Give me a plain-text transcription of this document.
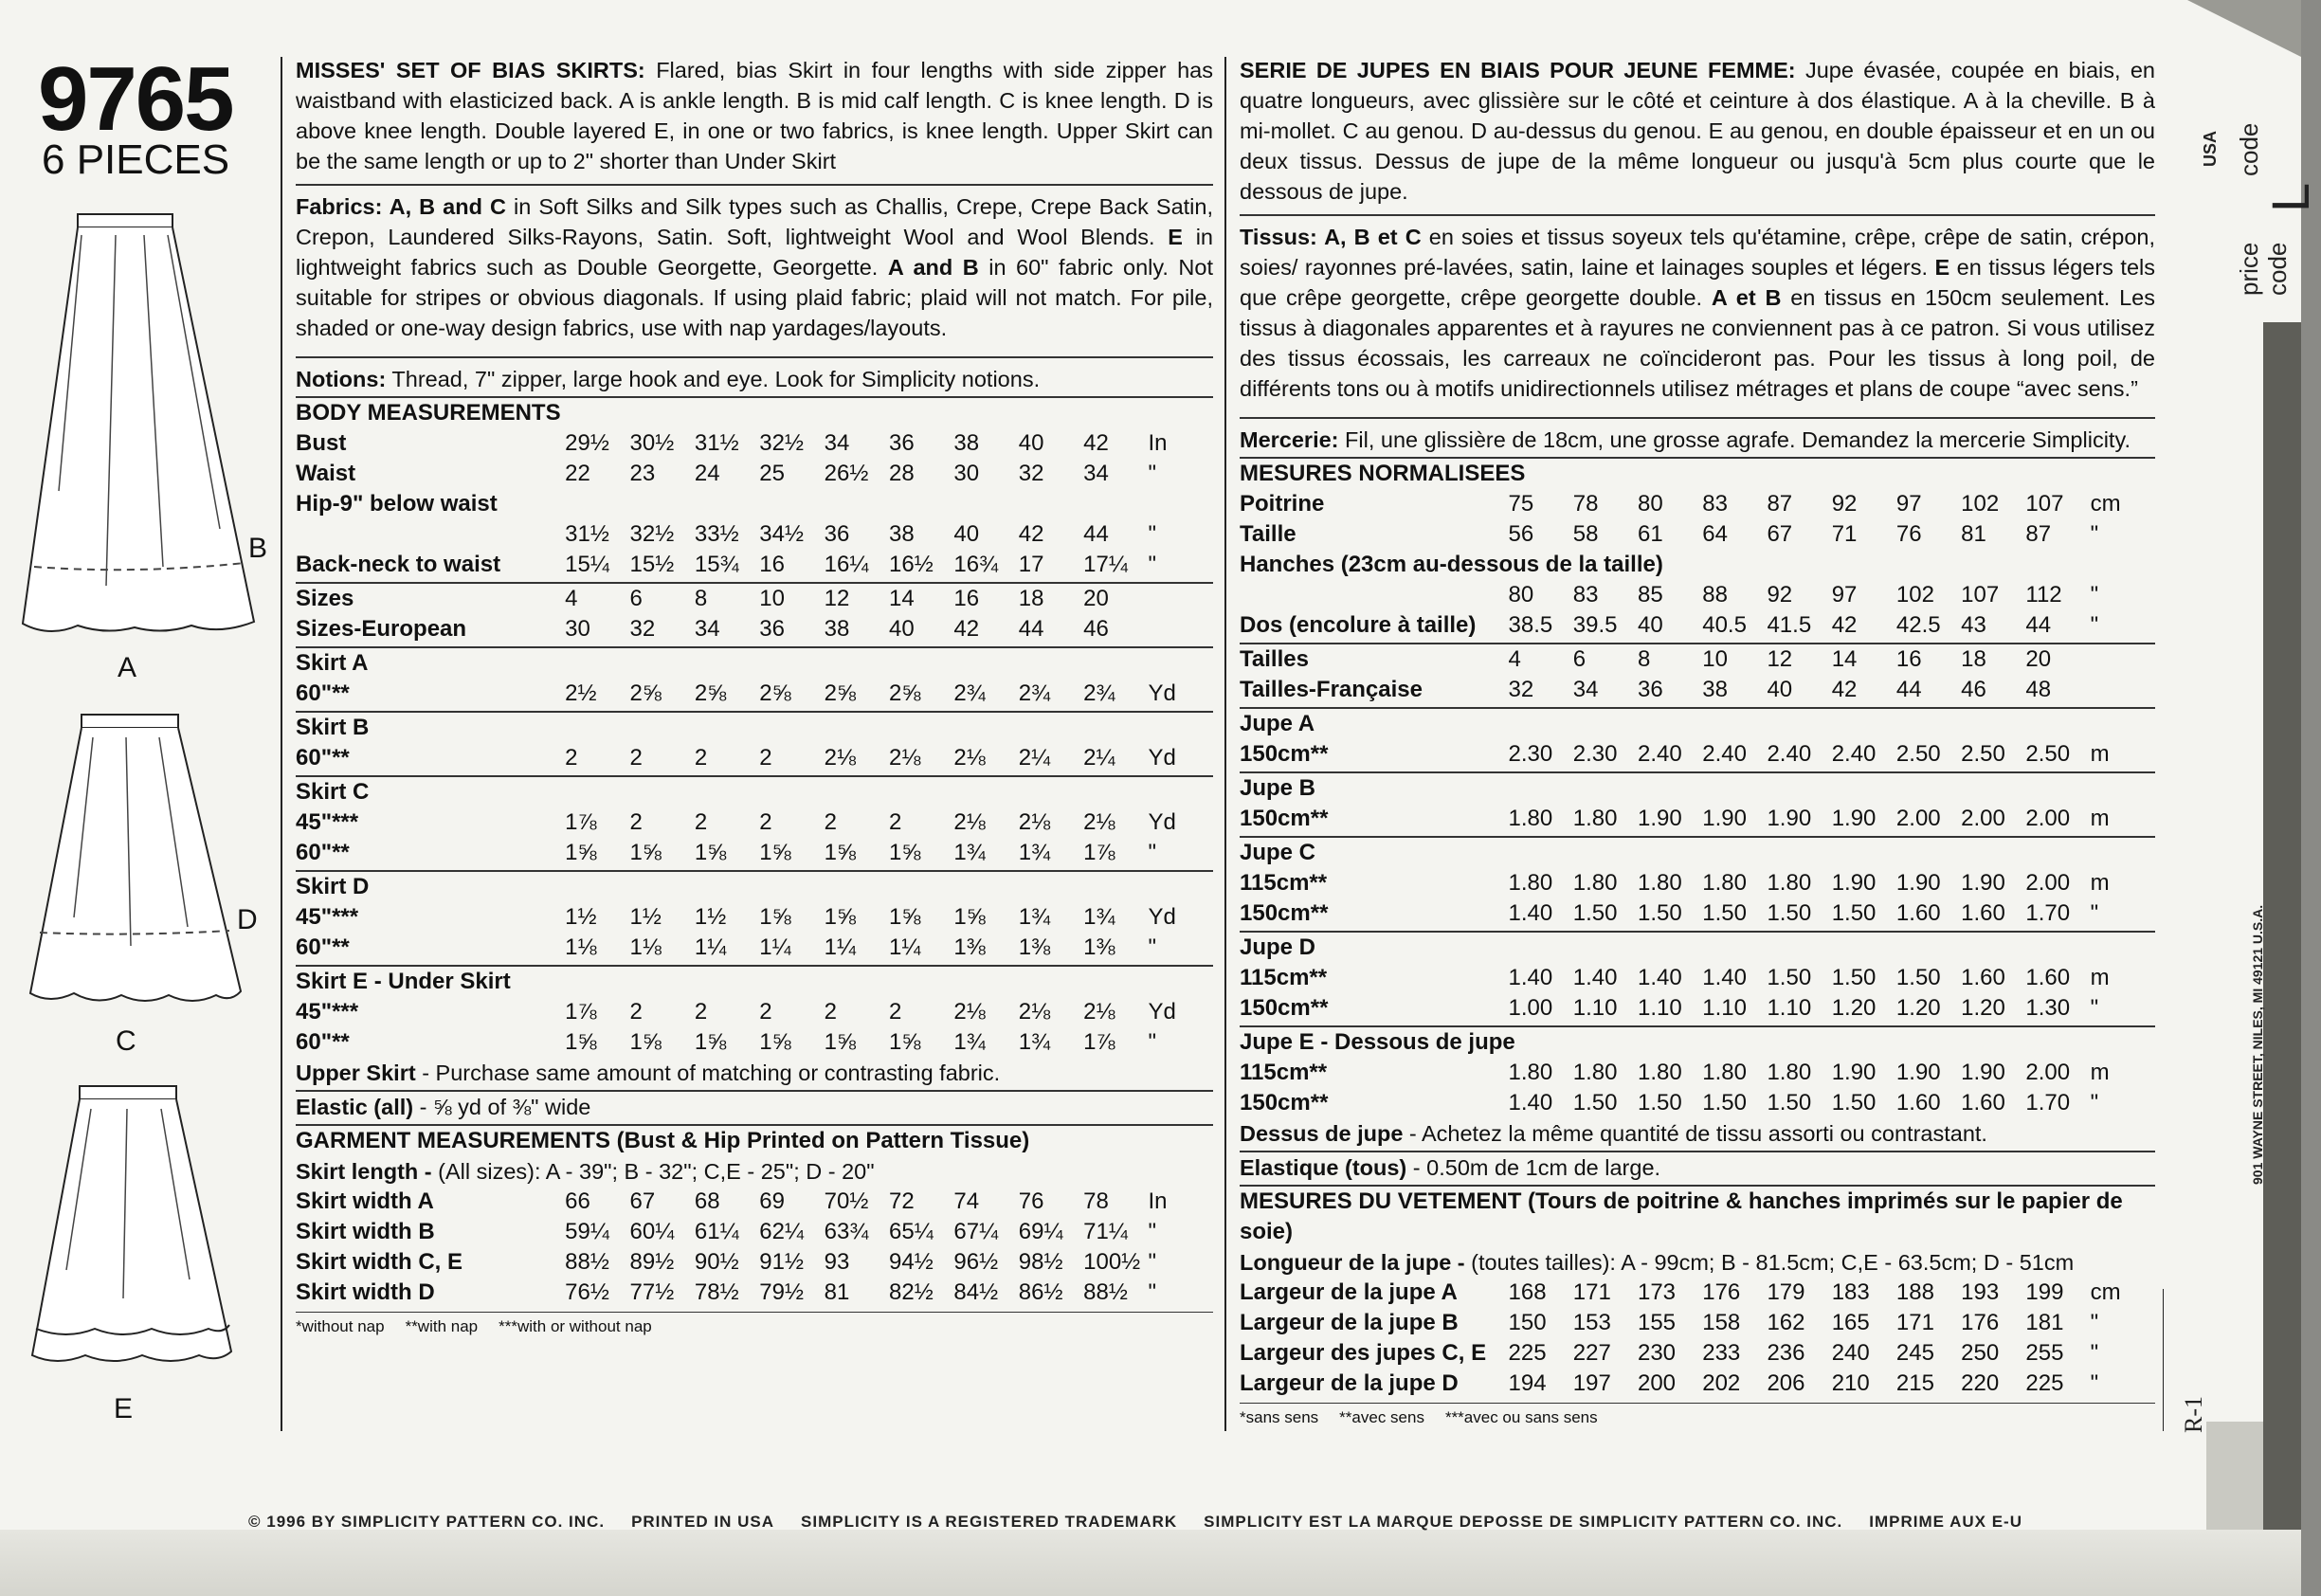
9765
6 PIECES
B
A
D
C
E

MISSES' SET OF BIAS SKIRTS: Flared, bias Skirt in four lengths with side zipper has waistband with elasticized back. A is ankle length. B is mid calf length. C is knee length. D is above knee length. Double layered E, in one or two fabrics, is knee length. Upper Skirt can be the same length or up to 2" shorter than Under Skirt

Fabrics: A, B and C in Soft Silks and Silk types such as Challis, Crepe, Crepe Back Satin, Crepon, Laundered Silks-Rayons, Satin. Soft, lightweight Wool and Wool Blends. E in lightweight fabrics such as Double Georgette, Georgette. A and B in 60" fabric only. Not suitable for stripes or obvious diagonals. If using plaid fabric; plaid will not match. For pile, shaded or one-way design fabrics, use with nap yardages/layouts.

Notions: Thread, 7" zipper, large hook and eye. Look for Simplicity notions.

BODY MEASUREMENTS
Bust	29½	30½	31½	32½	34	36	38	40	42	In
Waist	22	23	24	25	26½	28	30	32	34	"
Hip-9" below waist										
	31½	32½	33½	34½	36	38	40	42	44	"
Back-neck to waist	15¼	15½	15¾	16	16¼	16½	16¾	17	17¼	"
Sizes	4	6	8	10	12	14	16	18	20	
Sizes-European	30	32	34	36	38	40	42	44	46	
Skirt A
60"**	2½	2⅝	2⅝	2⅝	2⅝	2⅝	2¾	2¾	2¾	Yd
Skirt B
60"**	2	2	2	2	2⅛	2⅛	2⅛	2¼	2¼	Yd
Skirt C
45"***	1⅞	2	2	2	2	2	2⅛	2⅛	2⅛	Yd
60"**	1⅝	1⅝	1⅝	1⅝	1⅝	1⅝	1¾	1¾	1⅞	"
Skirt D
45"***	1½	1½	1½	1⅝	1⅝	1⅝	1⅝	1¾	1¾	Yd
60"**	1⅛	1⅛	1¼	1¼	1¼	1¼	1⅜	1⅜	1⅜	"
Skirt E - Under Skirt
45"***	1⅞	2	2	2	2	2	2⅛	2⅛	2⅛	Yd
60"**	1⅝	1⅝	1⅝	1⅝	1⅝	1⅝	1¾	1¾	1⅞	"

Upper Skirt - Purchase same amount of matching or contrasting fabric.

Elastic (all) - ⅝ yd of ⅜" wide

GARMENT MEASUREMENTS (Bust & Hip Printed on Pattern Tissue)

Skirt length - (All sizes): A - 39"; B - 32"; C,E - 25"; D - 20"

Skirt width A	66	67	68	69	70½	72	74	76	78	In
Skirt width B	59¼	60¼	61¼	62¼	63¾	65¼	67¼	69¼	71¼	"
Skirt width C, E	88½	89½	90½	91½	93	94½	96½	98½	100½	"
Skirt width D	76½	77½	78½	79½	81	82½	84½	86½	88½	"
*without nap **with nap ***with or without nap

SERIE DE JUPES EN BIAIS POUR JEUNE FEMME: Jupe évasée, coupée en biais, en quatre longueurs, avec glissière sur le côté et ceinture à dos élastique. A à la cheville. B à mi-mollet. C au genou. D au-dessus du genou. E au genou, en double épaisseur et en un ou deux tissus. Dessus de jupe de la même longueur ou jusqu'à 5cm plus courte que le dessous de jupe.

Tissus: A, B et C en soies et tissus soyeux tels qu'étamine, crêpe, crêpe de satin, crépon, soies/ rayonnes pré-lavées, satin, laine et lainages souples et légers. E en tissus légers tels que crêpe georgette, crêpe georgette double. A et B en tissus en 150cm seulement. Les tissus à diagonales apparentes et à rayures ne conviennent pas à ce patron. Si vous utilisez des tissus écossais, les carreaux ne coïncideront pas. Pour les tissus à long poil, de différents tons ou à motifs unidirectionnels utilisez métrages et plans de coupe “avec sens.”

Mercerie: Fil, une glissière de 18cm, une grosse agrafe. Demandez la mercerie Simplicity.

MESURES NORMALISEES
Poitrine	75	78	80	83	87	92	97	102	107	cm
Taille	56	58	61	64	67	71	76	81	87	"
Hanches (23cm au-dessous de la taille)										
	80	83	85	88	92	97	102	107	112	"
Dos (encolure à taille)	38.5	39.5	40	40.5	41.5	42	42.5	43	44	"
Tailles	4	6	8	10	12	14	16	18	20	
Tailles-Française	32	34	36	38	40	42	44	46	48	
Jupe A
150cm**	2.30	2.30	2.40	2.40	2.40	2.40	2.50	2.50	2.50	m
Jupe B
150cm**	1.80	1.80	1.90	1.90	1.90	1.90	2.00	2.00	2.00	m
Jupe C
115cm**	1.80	1.80	1.80	1.80	1.80	1.90	1.90	1.90	2.00	m
150cm**	1.40	1.50	1.50	1.50	1.50	1.50	1.60	1.60	1.70	"
Jupe D
115cm**	1.40	1.40	1.40	1.40	1.50	1.50	1.50	1.60	1.60	m
150cm**	1.00	1.10	1.10	1.10	1.10	1.20	1.20	1.20	1.30	"
Jupe E - Dessous de jupe
115cm**	1.80	1.80	1.80	1.80	1.80	1.90	1.90	1.90	2.00	m
150cm**	1.40	1.50	1.50	1.50	1.50	1.50	1.60	1.60	1.70	"

Dessus de jupe - Achetez la même quantité de tissu assorti ou contrastant.

Elastique (tous) - 0.50m de 1cm de large.

MESURES DU VETEMENT (Tours de poitrine & hanches imprimés sur le papier de soie)

Longueur de la jupe - (toutes tailles): A - 99cm; B - 81.5cm; C,E - 63.5cm; D - 51cm

Largeur de la jupe A	168	171	173	176	179	183	188	193	199	cm
Largeur de la jupe B	150	153	155	158	162	165	171	176	181	"
Largeur des jupes C, E	225	227	230	233	236	240	245	250	255	"
Largeur de la jupe D	194	197	200	202	206	210	215	220	225	"
*sans sens **avec sens ***avec ou sans sens
USA code
L
price code
901 WAYNE STREET, NILES, MI 49121 U.S.A.
R-1
© 1996 BY SIMPLICITY PATTERN CO. INC. PRINTED IN USA SIMPLICITY IS A REGISTERED TRADEMARK SIMPLICITY EST LA MARQUE DEPOSSE DE SIMPLICITY PATTERN CO. INC. IMPRIME AUX E-U
